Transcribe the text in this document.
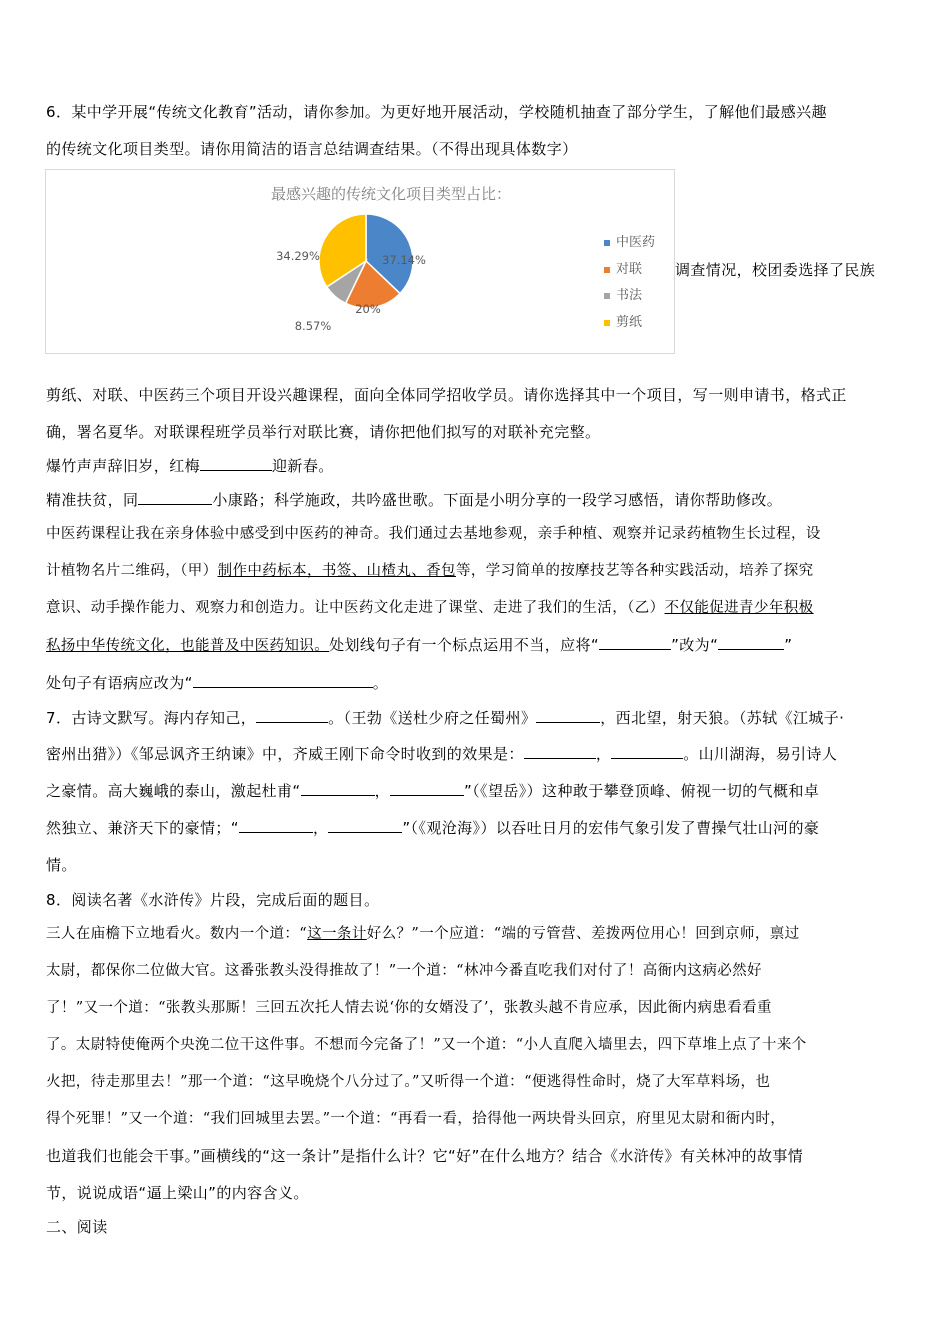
6．某中学开展“传统文化教育”活动，请你参加。为更好地开展活动，学校随机抽查了部分学生，了解他们最感兴趣
的传统文化项目类型。请你用简洁的语言总结调查结果。（不得出现具体数字）
最感兴趣的传统文化项目类型占比：
37.14%
20%
8.57%
34.29%
中医药
对联
书法
剪纸
调查情况，校团委选择了民族
剪纸、对联、中医药三个项目开设兴趣课程，面向全体同学招收学员。请你选择其中一个项目，写一则申请书，格式正
确，署名夏华。对联课程班学员举行对联比赛，请你把他们拟写的对联补充完整。
爆竹声声辞旧岁，红梅	迎新春。
精准扶贫，同	小康路；科学施政，共吟盛世歌。下面是小明分享的一段学习感悟，请你帮助修改。
中医药课程让我在亲身体验中感受到中医药的神奇。我们通过去基地参观，亲手种植、观察并记录药植物生长过程，设
计植物名片二维码，（甲）制作中药标本，书签、山楂丸、香包等，学习简单的按摩技艺等各种实践活动，培养了探究
意识、动手操作能力、观察力和创造力。让中医药文化走进了课堂、走进了我们的生活，（乙）不仅能促进青少年积极
私扬中华传统文化，也能普及中医药知识。处划线句子有一个标点运用不当，应将“	”改为“	”
处句子有语病应改为“	。
7．古诗文默写。海内存知己，	。（王勃《送杜少府之任蜀州》	，西北望，射天狼。（苏轼《江城子·
密州出猎》）《邹忌讽齐王纳谏》中，齐威王刚下命令时收到的效果是：	，	。山川湖海，易引诗人
之豪情。高大巍峨的泰山，激起杜甫“	，	”（《望岳》）这种敢于攀登顶峰、俯视一切的气概和卓
然独立、兼济天下的豪情；“	，	”（《观沧海》）以吞吐日月的宏伟气象引发了曹操气壮山河的豪
情。
8．阅读名著《水浒传》片段，完成后面的题目。
三人在庙檐下立地看火。数内一个道：“这一条计好么？”一个应道：“端的亏管营、差拨两位用心！回到京师，禀过
太尉，都保你二位做大官。这番张教头没得推故了！”一个道：“林冲今番直吃我们对付了！高衙内这病必然好
了！”又一个道：“张教头那厮！三回五次托人情去说‘你的女婿没了’，张教头越不肯应承，因此衙内病患看看重
了。太尉特使俺两个央浼二位干这件事。不想而今完备了！”又一个道：“小人直爬入墙里去，四下草堆上点了十来个
火把，待走那里去！”那一个道：“这早晚烧个八分过了。”又听得一个道：“便逃得性命时，烧了大军草料场，也
得个死罪！”又一个道：“我们回城里去罢。”一个道：“再看一看，拾得他一两块骨头回京，府里见太尉和衙内时，
也道我们也能会干事。”画横线的“这一条计”是指什么计？它“好”在什么地方？结合《水浒传》有关林冲的故事情
节，说说成语“逼上梁山”的内容含义。
二、阅读
